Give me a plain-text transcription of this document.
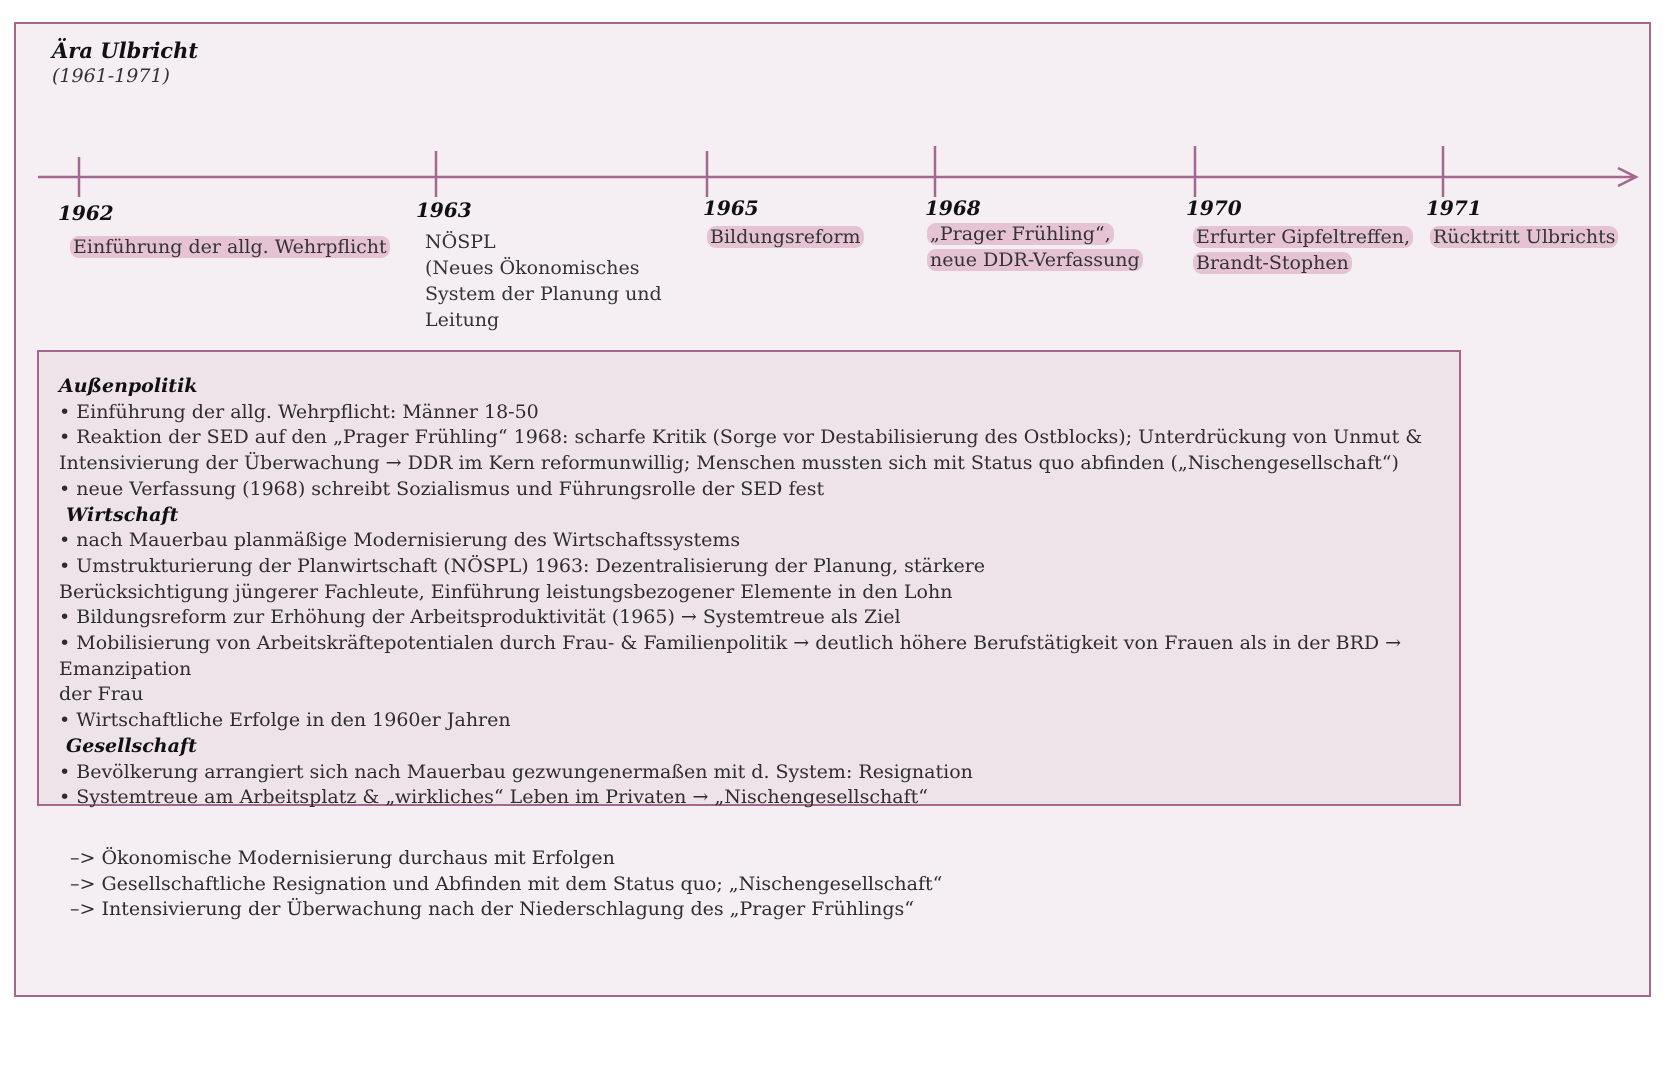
Ära Ulbricht
(1961-1971)
1962
Einführung der allg. Wehrpflicht
1963
NÖSPL
(Neues Ökonomisches
System der Planung und
Leitung
1965
Bildungsreform
1968
„Prager Frühling“,
neue DDR-Verfassung
1970
Erfurter Gipfeltreffen,
Brandt-Stophen
1971
Rücktritt Ulbrichts
Außenpolitik
• Einführung der allg. Wehrpflicht: Männer 18-50
• Reaktion der SED auf den „Prager Frühling“ 1968: scharfe Kritik (Sorge vor Destabilisierung des Ostblocks); Unterdrückung von Unmut &
Intensivierung der Überwachung → DDR im Kern reformunwillig; Menschen mussten sich mit Status quo abfinden („Nischengesellschaft“)
• neue Verfassung (1968) schreibt Sozialismus und Führungsrolle der SED fest
Wirtschaft
• nach Mauerbau planmäßige Modernisierung des Wirtschaftssystems
• Umstrukturierung der Planwirtschaft (NÖSPL) 1963: Dezentralisierung der Planung, stärkere
Berücksichtigung jüngerer Fachleute, Einführung leistungsbezogener Elemente in den Lohn
• Bildungsreform zur Erhöhung der Arbeitsproduktivität (1965) → Systemtreue als Ziel
• Mobilisierung von Arbeitskräftepotentialen durch Frau- & Familienpolitik → deutlich höhere Berufstätigkeit von Frauen als in der BRD → Emanzipation
der Frau
• Wirtschaftliche Erfolge in den 1960er Jahren
Gesellschaft
• Bevölkerung arrangiert sich nach Mauerbau gezwungenermaßen mit d. System: Resignation
• Systemtreue am Arbeitsplatz & „wirkliches“ Leben im Privaten → „Nischengesellschaft“
–> Ökonomische Modernisierung durchaus mit Erfolgen
–> Gesellschaftliche Resignation und Abfinden mit dem Status quo; „Nischengesellschaft“
–> Intensivierung der Überwachung nach der Niederschlagung des „Prager Frühlings“
